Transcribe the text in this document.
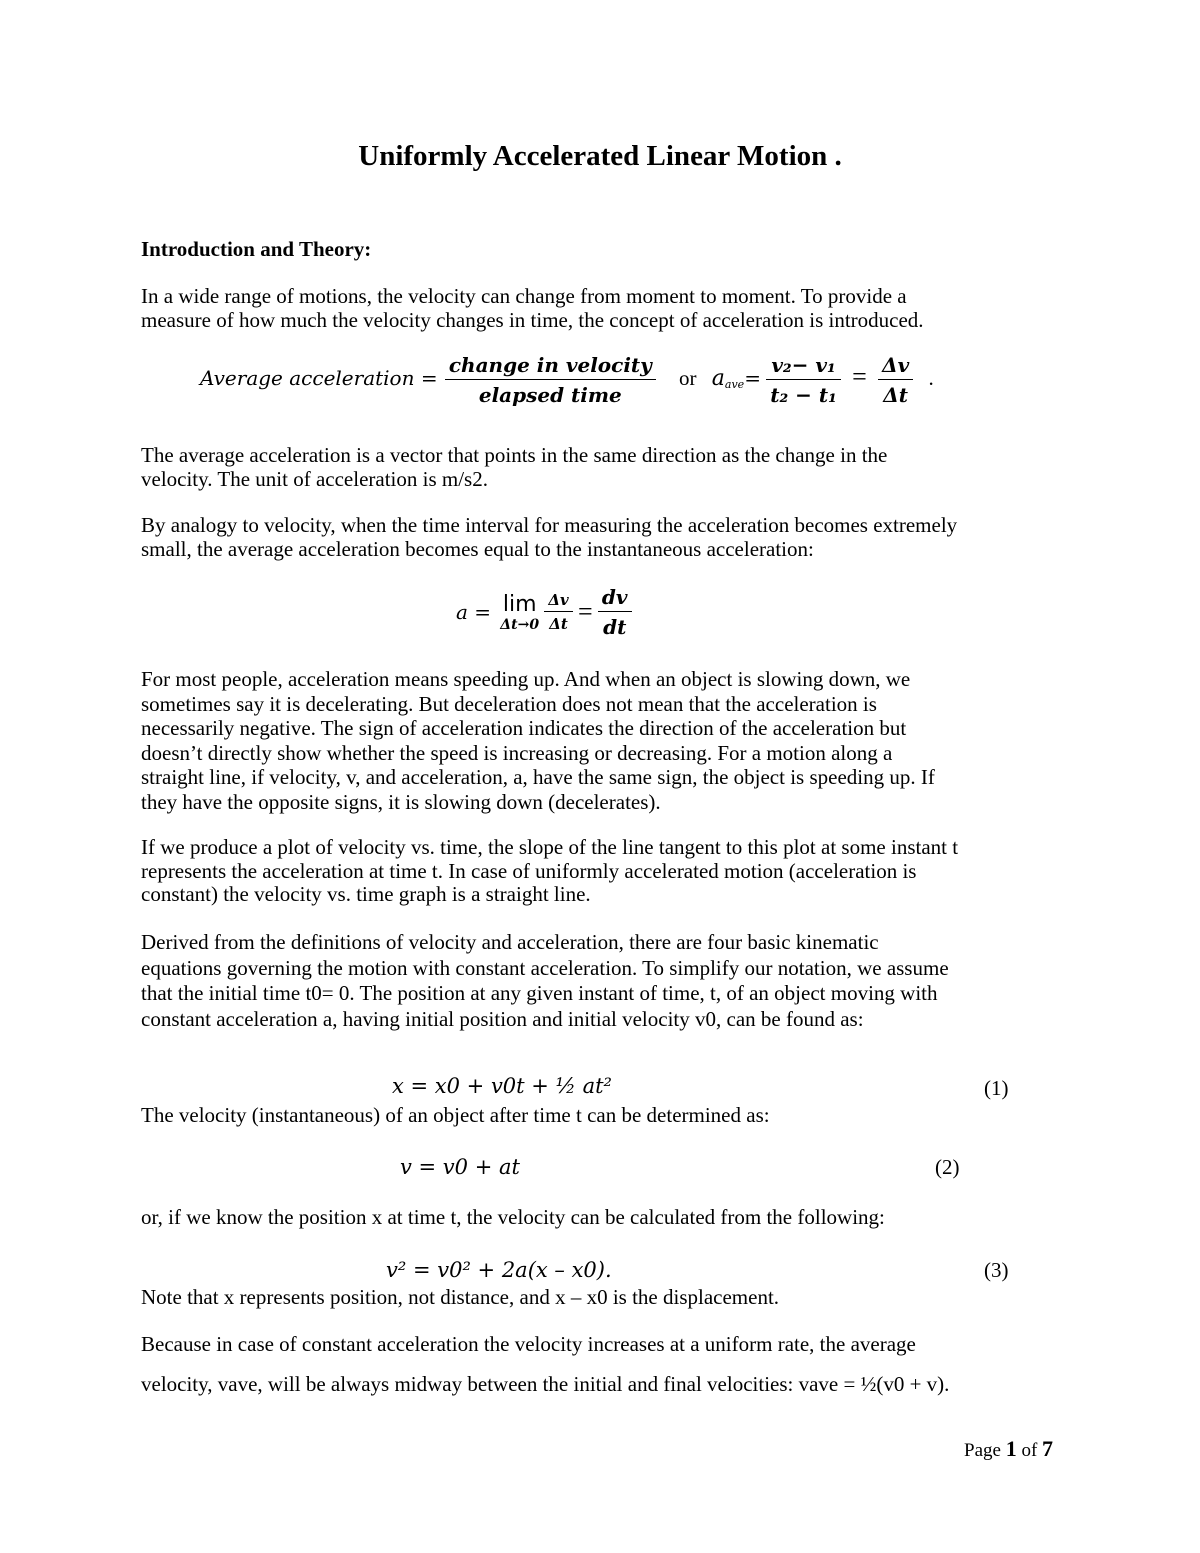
Uniformly Accelerated Linear Motion .
Introduction and Theory:
In a wide range of motions, the velocity can change from moment to moment. To provide a
measure of how much the velocity changes in time, the concept of acceleration is introduced.
Average acceleration = $\frac{\text{change in velocity}}{\text{elapsed time}}$ or aave= $\frac{\text{v₂− v₁}}{\text{t₂ − t₁}} = \frac{\Delta v}{\Delta t}$ .
The average acceleration is a vector that points in the same direction as the change in the
velocity. The unit of acceleration is m/s2.
By analogy to velocity, when the time interval for measuring the acceleration becomes extremely
small, the average acceleration becomes equal to the instantaneous acceleration:
a = lim
Δt→0
$\frac{\Delta v}{\Delta t} = \frac{dv}{dt}$
For most people, acceleration means speeding up. And when an object is slowing down, we
sometimes say it is decelerating. But deceleration does not mean that the acceleration is
necessarily negative. The sign of acceleration indicates the direction of the acceleration but
doesn’t directly show whether the speed is increasing or decreasing. For a motion along a
straight line, if velocity, v, and acceleration, a, have the same sign, the object is speeding up. If
they have the opposite signs, it is slowing down (decelerates).
If we produce a plot of velocity vs. time, the slope of the line tangent to this plot at some instant t
represents the acceleration at time t. In case of uniformly accelerated motion (acceleration is
constant) the velocity vs. time graph is a straight line.
Derived from the definitions of velocity and acceleration, there are four basic kinematic
equations governing the motion with constant acceleration. To simplify our notation, we assume
that the initial time t0= 0. The position at any given instant of time, t, of an object moving with
constant acceleration a, having initial position and initial velocity v0, can be found as:
x = x0 + v0t + ½ at²	(1)
The velocity (instantaneous) of an object after time t can be determined as:
v = v0 + at	(2)
or, if we know the position x at time t, the velocity can be calculated from the following:
v² = v0² + 2a(x – x0).	(3)
Note that x represents position, not distance, and x – x0 is the displacement.
Because in case of constant acceleration the velocity increases at a uniform rate, the average
velocity, vave, will be always midway between the initial and final velocities: vave = ½(v0 + v).
Page 1 of 7
